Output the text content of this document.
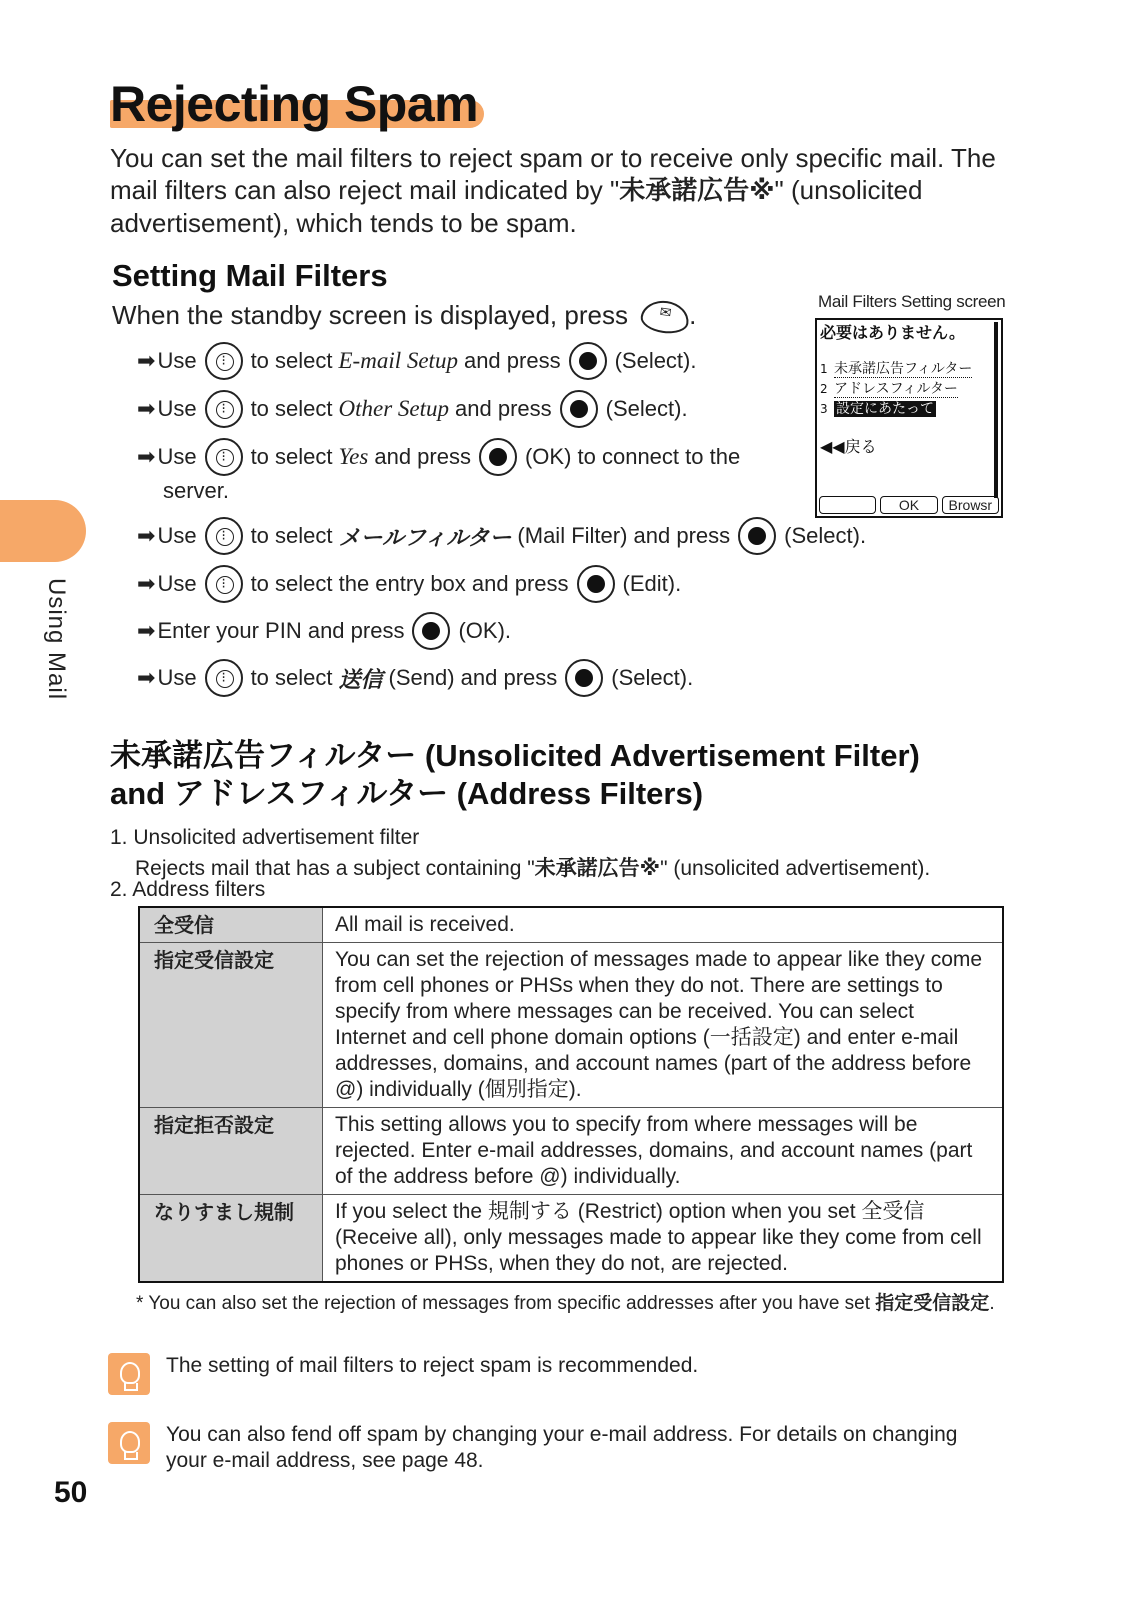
Rejecting Spam
You can set the mail filters to reject spam or to receive only specific mail. The mail filters can also reject mail indicated by "未承諾広告※" (unsolicited advertisement), which tends to be spam.
Setting Mail Filters
When the standby screen is displayed, press ✉ .
➡ Use ⁝ to select E-mail Setup and press (Select).
➡ Use ⁝ to select Other Setup and press (Select).
➡ Use ⁝ to select Yes and press (OK) to connect to the
server.
Mail Filters Setting screen
必要はありません。
1 未承諾広告フィルター
2 アドレスフィルター
3 設定にあたって
◀◀戻る
OK	Browsr
➡ Use ⁝ to select メールフィルター (Mail Filter) and press (Select).
➡ Use ⁝ to select the entry box and press (Edit).
➡ Enter your PIN and press (OK).
➡ Use ⁝ to select 送信 (Send) and press (Select).
Using Mail
未承諾広告フィルター (Unsolicited Advertisement Filter)
and アドレスフィルター (Address Filters)
1. Unsolicited advertisement filter
Rejects mail that has a subject containing "未承諾広告※" (unsolicited advertisement).
2. Address filters
全受信	All mail is received.
指定受信設定	You can set the rejection of messages made to appear like they come from cell phones or PHSs when they do not. There are settings to specify from where messages can be received. You can select Internet and cell phone domain options (一括設定) and enter e-mail addresses, domains, and account names (part of the address before @) individually (個別指定).
指定拒否設定	This setting allows you to specify from where messages will be rejected. Enter e-mail addresses, domains, and account names (part of the address before @) individually.
なりすまし規制	If you select the 規制する (Restrict) option when you set 全受信 (Receive all), only messages made to appear like they come from cell phones or PHSs, when they do not, are rejected.
* You can also set the rejection of messages from specific addresses after you have set 指定受信設定.
The setting of mail filters to reject spam is recommended.
You can also fend off spam by changing your e-mail address. For details on changing your e-mail address, see page 48.
50
